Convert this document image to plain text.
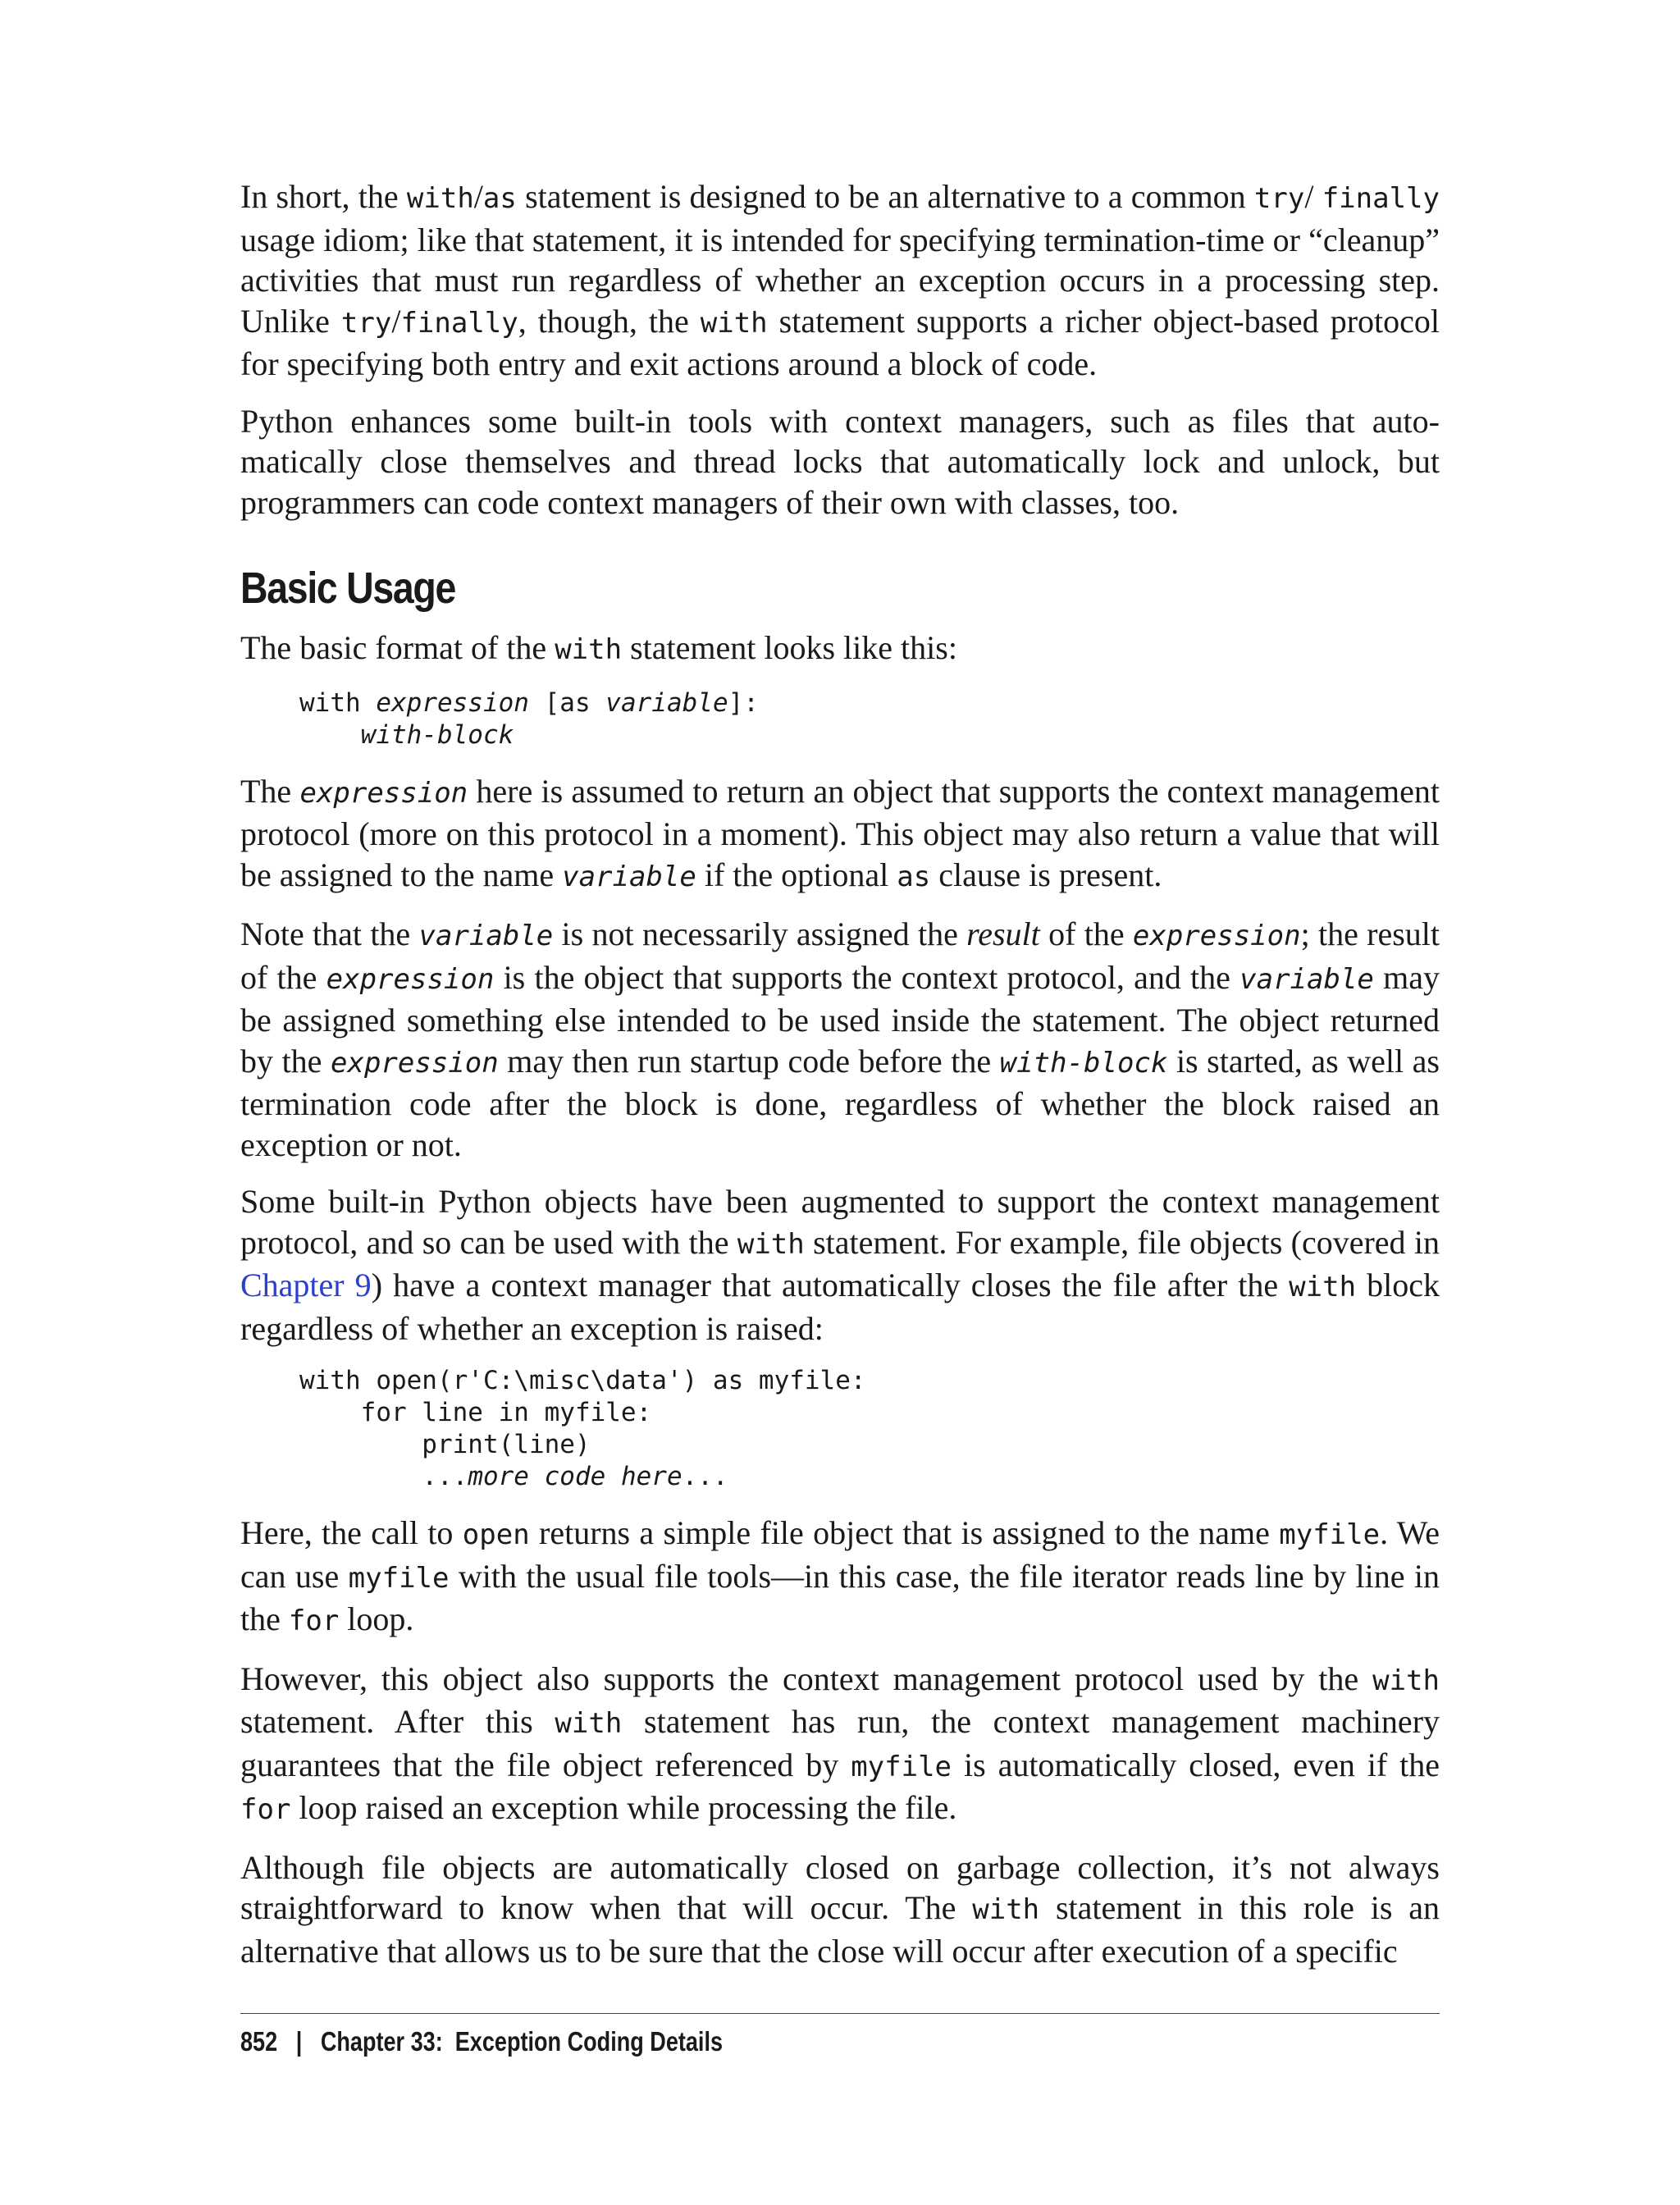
In short, the with/as statement is designed to be an alternative to a common try/ finally usage idiom; like that statement, it is intended for specifying termination-time or “cleanup” activities that must run regardless of whether an exception occurs in a processing step. Unlike try/finally, though, the with statement supports a richer object-based protocol for specifying both entry and exit actions around a block of code.

Python enhances some built-in tools with context managers, such as files that automatically close themselves and thread locks that automatically lock and unlock, but programmers can code context managers of their own with classes, too.

Basic Usage

The basic format of the with statement looks like this:

with expression [as variable]:
with-block

The expression here is assumed to return an object that supports the context management protocol (more on this protocol in a moment). This object may also return a value that will be assigned to the name variable if the optional as clause is present.

Note that the variable is not necessarily assigned the result of the expression; the result of the expression is the object that supports the context protocol, and the variable may be assigned something else intended to be used inside the statement. The object returned by the expression may then run startup code before the with-block is started, as well as termination code after the block is done, regardless of whether the block raised an exception or not.

Some built-in Python objects have been augmented to support the context management protocol, and so can be used with the with statement. For example, file objects (covered in Chapter 9) have a context manager that automatically closes the file after the with block regardless of whether an exception is raised:

with open(r'C:\misc\data') as myfile:
for line in myfile:
print(line)
...more code here...

Here, the call to open returns a simple file object that is assigned to the name myfile. We can use myfile with the usual file tools—in this case, the file iterator reads line by line in the for loop.

However, this object also supports the context management protocol used by the with statement. After this with statement has run, the context management machinery guarantees that the file object referenced by myfile is automatically closed, even if the for loop raised an exception while processing the file.

Although file objects are automatically closed on garbage collection, it’s not always straightforward to know when that will occur. The with statement in this role is an alternative that allows us to be sure that the close will occur after execution of a specific

852 | Chapter 33:  Exception Coding Details
